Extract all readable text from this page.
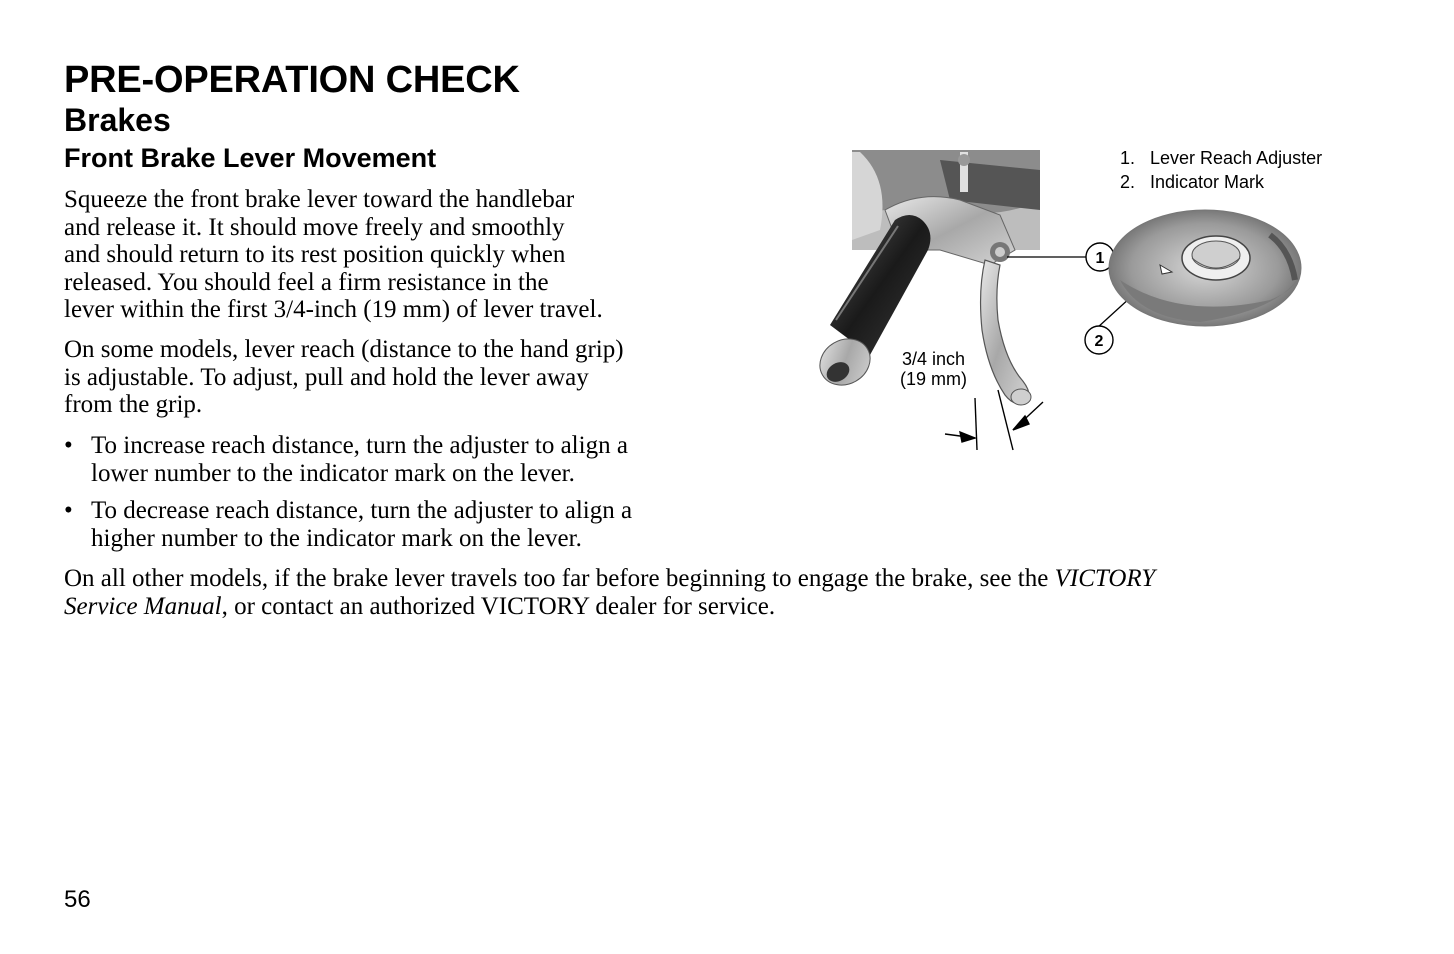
PRE-OPERATION CHECK
Brakes
Front Brake Lever Movement
Squeeze the front brake lever toward the handlebar
and release it. It should move freely and smoothly
and should return to its rest position quickly when
released. You should feel a firm resistance in the
lever within the first 3/4-inch (19 mm) of lever travel.
On some models, lever reach (distance to the hand grip)
is adjustable. To adjust, pull and hold the lever away
from the grip.
• To increase reach distance, turn the adjuster to align a
lower number to the indicator mark on the lever.
• To decrease reach distance, turn the adjuster to align a
higher number to the indicator mark on the lever.
On all other models, if the brake lever travels too far before beginning to engage the brake, see the VICTORY
Service Manual, or contact an authorized VICTORY dealer for service.
1
2
1. Lever Reach Adjuster
2. Indicator Mark
3/4 inch
(19 mm)
56
